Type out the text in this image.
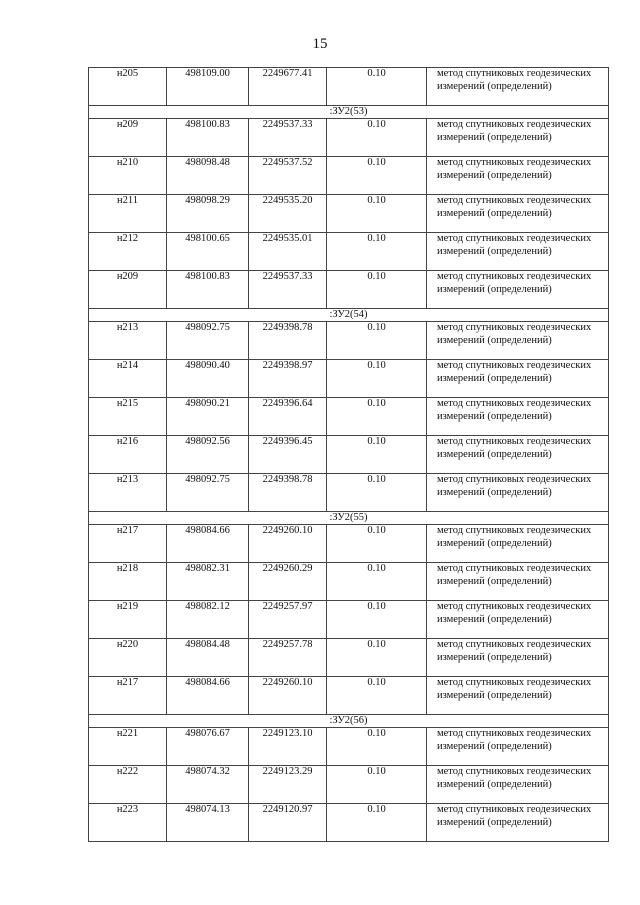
15
н205	498109.00	2249677.41	0.10	метод спутниковых геодезических измерений (определений)
:ЗУ2(53)				
н209	498100.83	2249537.33	0.10	метод спутниковых геодезических измерений (определений)
н210	498098.48	2249537.52	0.10	метод спутниковых геодезических измерений (определений)
н211	498098.29	2249535.20	0.10	метод спутниковых геодезических измерений (определений)
н212	498100.65	2249535.01	0.10	метод спутниковых геодезических измерений (определений)
н209	498100.83	2249537.33	0.10	метод спутниковых геодезических измерений (определений)
:ЗУ2(54)				
н213	498092.75	2249398.78	0.10	метод спутниковых геодезических измерений (определений)
н214	498090.40	2249398.97	0.10	метод спутниковых геодезических измерений (определений)
н215	498090.21	2249396.64	0.10	метод спутниковых геодезических измерений (определений)
н216	498092.56	2249396.45	0.10	метод спутниковых геодезических измерений (определений)
н213	498092.75	2249398.78	0.10	метод спутниковых геодезических измерений (определений)
:ЗУ2(55)				
н217	498084.66	2249260.10	0.10	метод спутниковых геодезических измерений (определений)
н218	498082.31	2249260.29	0.10	метод спутниковых геодезических измерений (определений)
н219	498082.12	2249257.97	0.10	метод спутниковых геодезических измерений (определений)
н220	498084.48	2249257.78	0.10	метод спутниковых геодезических измерений (определений)
н217	498084.66	2249260.10	0.10	метод спутниковых геодезических измерений (определений)
:ЗУ2(56)				
н221	498076.67	2249123.10	0.10	метод спутниковых геодезических измерений (определений)
н222	498074.32	2249123.29	0.10	метод спутниковых геодезических измерений (определений)
н223	498074.13	2249120.97	0.10	метод спутниковых геодезических измерений (определений)
